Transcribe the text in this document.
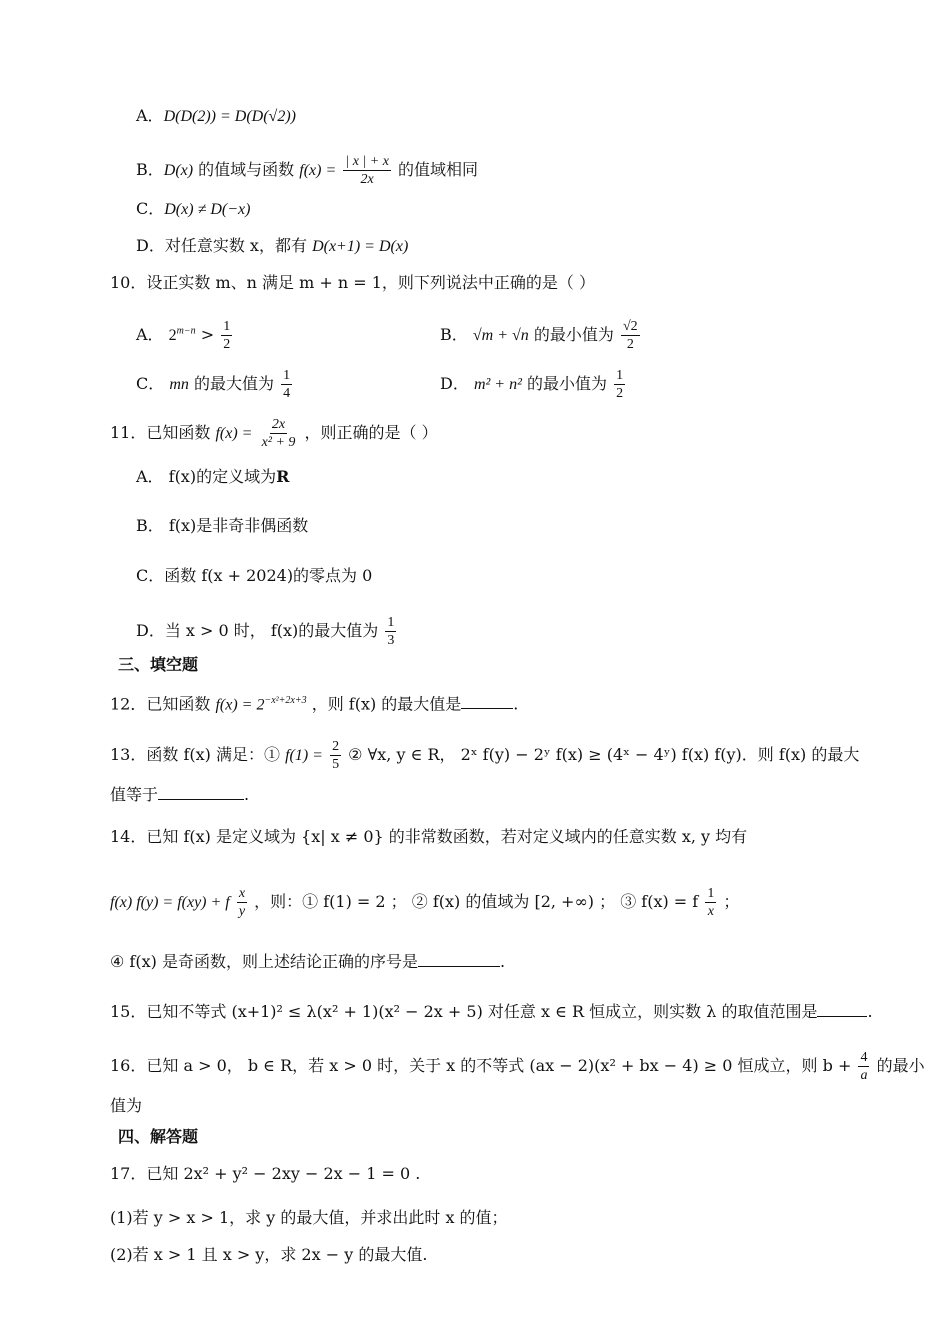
A．D(D(2)) = D(D(√2))
B．D(x) 的值域与函数 $f(x) = \frac{| x | + x}{2x}$ 的值域相同
C．D(x) ≠ D(−x)
D．对任意实数 x，都有 D(x+1) = D(x)
10．设正实数 m、n 满足 m + n = 1，则下列说法中正确的是（ ）
A． $2^{m-n} > \frac{1}{2}$	B． √m + √n 的最小值为 $\frac{√2}{2}$
C． mn 的最大值为 $\frac{1}{4}$	D． m² + n² 的最小值为 $\frac{1}{2}$
11．已知函数 $f(x) = \frac{2x}{\text{x² + 9}}$ ，则正确的是（ ）
A． f(x)的定义域为R
B． f(x)是非奇非偶函数
C．函数 f(x + 2024)的零点为 0
D．当 x > 0 时， f(x)的最大值为 $\frac{1}{3}$
三、填空题
12．已知函数 $f(x) = 2^{-x^2+2x+3}$ ，则 f(x) 的最大值是	.
13．函数 f(x) 满足：① $f(1) = \frac{2}{5}$ ② ∀x, y ∈ R， 2ˣ f(y) − 2ʸ f(x) ≥ (4ˣ − 4ʸ) f(x) f(y)．则 f(x) 的最大
值等于	.
14．已知 f(x) 是定义域为 {x| x ≠ 0} 的非常数函数，若对定义域内的任意实数 x, y 均有
f(x) f(y) = f(xy) + f $\frac{x}{y}$ ，则：① f(1) = 2 ； ② f(x) 的值域为 [2, +∞) ； ③ f(x) = f $\frac{1}{x}$ ；
④ f(x) 是奇函数，则上述结论正确的序号是	.
15．已知不等式 (x+1)² ≤ λ(x² + 1)(x² − 2x + 5) 对任意 x ∈ R 恒成立，则实数 λ 的取值范围是	.
16．已知 a > 0， b ∈ R，若 x > 0 时，关于 x 的不等式 (ax − 2)(x² + bx − 4) ≥ 0 恒成立，则 $b + \frac{4}{a}$ 的最小
值为
四、解答题
17．已知 2x² + y² − 2xy − 2x − 1 = 0 .
(1)若 y > x > 1，求 y 的最大值，并求出此时 x 的值；
(2)若 x > 1 且 x > y，求 2x − y 的最大值.
